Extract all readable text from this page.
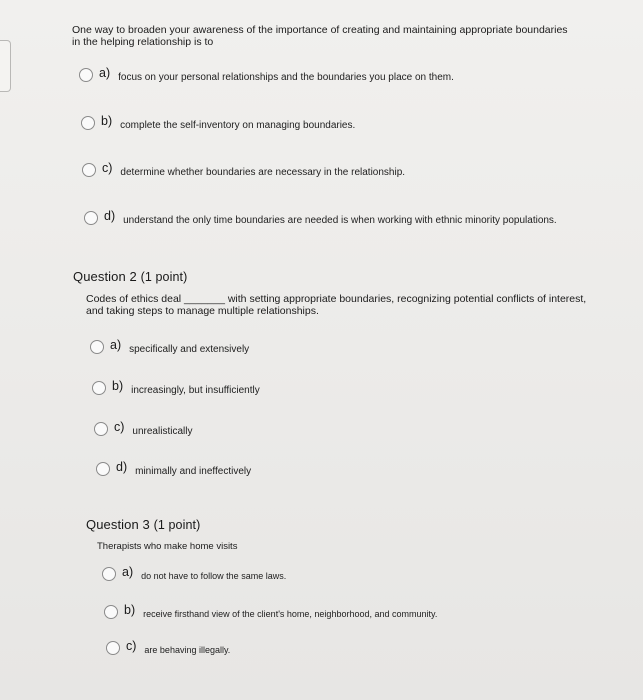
One way to broaden your awareness of the importance of creating and maintaining appropriate boundaries
in the helping relationship is to
a) focus on your personal relationships and the boundaries you place on them.
b) complete the self-inventory on managing boundaries.
c) determine whether boundaries are necessary in the relationship.
d) understand the only time boundaries are needed is when working with ethnic minority populations.
Question 2 (1 point)
Codes of ethics deal _______ with setting appropriate boundaries, recognizing potential conflicts of interest,
and taking steps to manage multiple relationships.
a) specifically and extensively
b) increasingly, but insufficiently
c) unrealistically
d) minimally and ineffectively
Question 3 (1 point)
Therapists who make home visits
a) do not have to follow the same laws.
b) receive firsthand view of the client's home, neighborhood, and community.
c) are behaving illegally.
